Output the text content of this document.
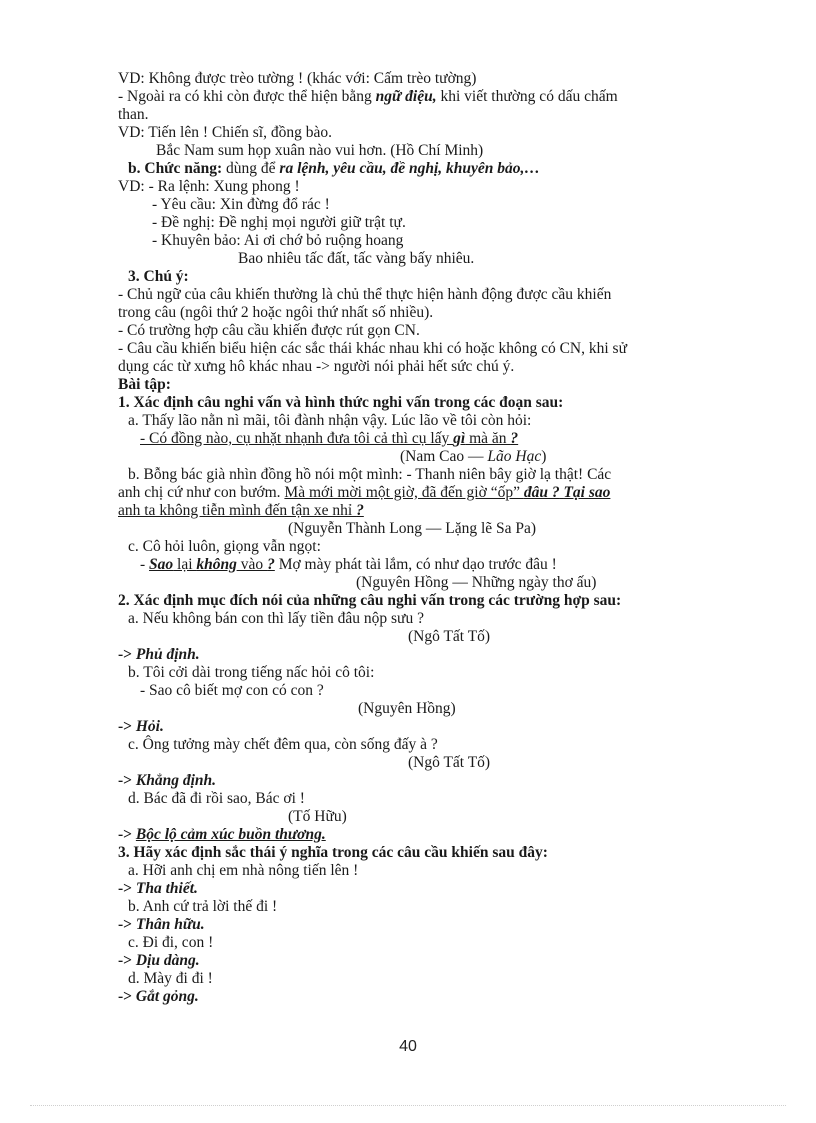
VD: Không được trèo tường ! (khác với: Cấm trèo tường)
- Ngoài ra có khi còn được thể hiện bằng ngữ điệu, khi viết thường có dấu chấm
than.
VD: Tiến lên ! Chiến sĩ, đồng bào.
Bắc Nam sum họp xuân nào vui hơn. (Hồ Chí Minh)
b. Chức năng: dùng để ra lệnh, yêu cầu, đề nghị, khuyên bảo,…
VD: - Ra lệnh: Xung phong !
- Yêu cầu: Xin đừng đổ rác !
- Đề nghị: Đề nghị mọi người giữ trật tự.
- Khuyên bảo: Ai ơi chớ bỏ ruộng hoang
Bao nhiêu tấc đất, tấc vàng bấy nhiêu.
3. Chú ý:
- Chủ ngữ của câu khiến thường là chủ thể thực hiện hành động được cầu khiến
trong câu (ngôi thứ 2 hoặc ngôi thứ nhất số nhiều).
- Có trường hợp câu cầu khiến được rút gọn CN.
- Câu cầu khiến biểu hiện các sắc thái khác nhau khi có hoặc không có CN, khi sử
dụng các từ xưng hô khác nhau -> người nói phải hết sức chú ý.
Bài tập:
1. Xác định câu nghi vấn và hình thức nghi vấn trong các đoạn sau:
a. Thấy lão nằn nì mãi, tôi đành nhận vậy. Lúc lão về tôi còn hỏi:
- Có đồng nào, cụ nhặt nhạnh đưa tôi cả thì cụ lấy gì mà ăn ?
(Nam Cao — Lão Hạc)
b. Bỗng bác già nhìn đồng hồ nói một mình: - Thanh niên bây giờ lạ thật! Các
anh chị cứ như con bướm. Mà mới mời một giờ, đã đến giờ “ốp” đâu ? Tại sao
anh ta không tiễn mình đến tận xe nhỉ ?
(Nguyễn Thành Long — Lặng lẽ Sa Pa)
c. Cô hỏi luôn, giọng vẫn ngọt:
- Sao lại không vào ? Mợ mày phát tài lắm, có như dạo trước đâu !
(Nguyên Hồng — Những ngày thơ ấu)
2. Xác định mục đích nói của những câu nghi vấn trong các trường hợp sau:
a. Nếu không bán con thì lấy tiền đâu nộp sưu ?
(Ngô Tất Tố)
-> Phủ định.
b. Tôi cởi dài trong tiếng nấc hỏi cô tôi:
- Sao cô biết mợ con có con ?
(Nguyên Hồng)
-> Hỏi.
c. Ông tưởng mày chết đêm qua, còn sống đấy à ?
(Ngô Tất Tố)
-> Khẳng định.
d. Bác đã đi rồi sao, Bác ơi !
(Tố Hữu)
-> Bộc lộ cảm xúc buồn thương.
3. Hãy xác định sắc thái ý nghĩa trong các câu cầu khiến sau đây:
a. Hỡi anh chị em nhà nông tiến lên !
-> Tha thiết.
b. Anh cứ trả lời thế đi !
-> Thân hữu.
c. Đi đi, con !
-> Dịu dàng.
d. Mày đi đi !
-> Gắt gỏng.
40
